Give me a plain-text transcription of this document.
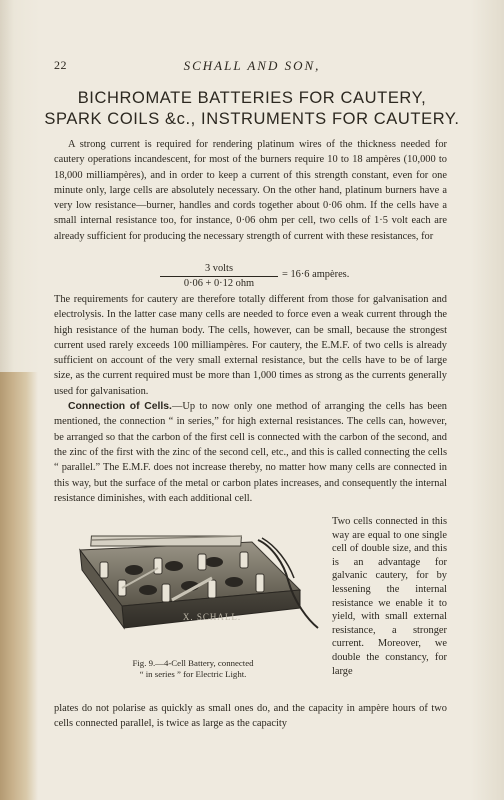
22	SCHALL AND SON,
BICHROMATE BATTERIES FOR CAUTERY,
SPARK COILS &c., INSTRUMENTS FOR CAUTERY.

A strong current is required for rendering platinum wires of the thickness needed for cautery operations incandescent, for most of the burners require 10 to 18 ampères (10,000 to 18,000 milliampères), and in order to keep a current of this strength constant, even for one minute only, large cells are absolutely necessary. On the other hand, platinum burners have a very low resistance—burner, handles and cords together about 0·06 ohm. If the cells have a small internal resistance too, for instance, 0·06 ohm per cell, two cells of 1·5 volt each are already sufficient for producing the necessary strength of current with these resistances, for

3 volts
0·06 + 0·12 ohm
= 16·6 ampères.

The requirements for cautery are therefore totally different from those for galvanisation and electrolysis. In the latter case many cells are needed to force even a weak current through the high resistance of the human body. The cells, however, can be small, because the strongest current used rarely exceeds 100 milliampères. For cautery, the E.M.F. of two cells is already sufficient on account of the very small external resistance, but the cells have to be of large size, as the current required must be more than 1,000 times as strong as the currents generally used for galvanisation.

Connection of Cells.—Up to now only one method of arranging the cells has been mentioned, the connection “ in series,” for high external resistances. The cells can, however, be arranged so that the carbon of the first cell is connected with the carbon of the second, and the zinc of the first with the zinc of the second cell, etc., and this is called connecting the cells “ parallel.” The E.M.F. does not increase thereby, no matter how many cells are connected in this way, but the surface of the metal or carbon plates increases, and consequently the internal resistance diminishes, with each additional cell.

X. SCHALL.
Fig. 9.—4-Cell Battery, connected
“ in series ” for Electric Light.
Two cells connected in this way are equal to one single cell of double size, and this is an advantage for galvanic cautery, for by lessening the internal resistance we enable it to yield, with small external resistance, a stronger current. Moreover, we double the constancy, for large
plates do not polarise as quickly as small ones do, and the capacity in ampère hours of two cells connected parallel, is twice as large as the capacity
